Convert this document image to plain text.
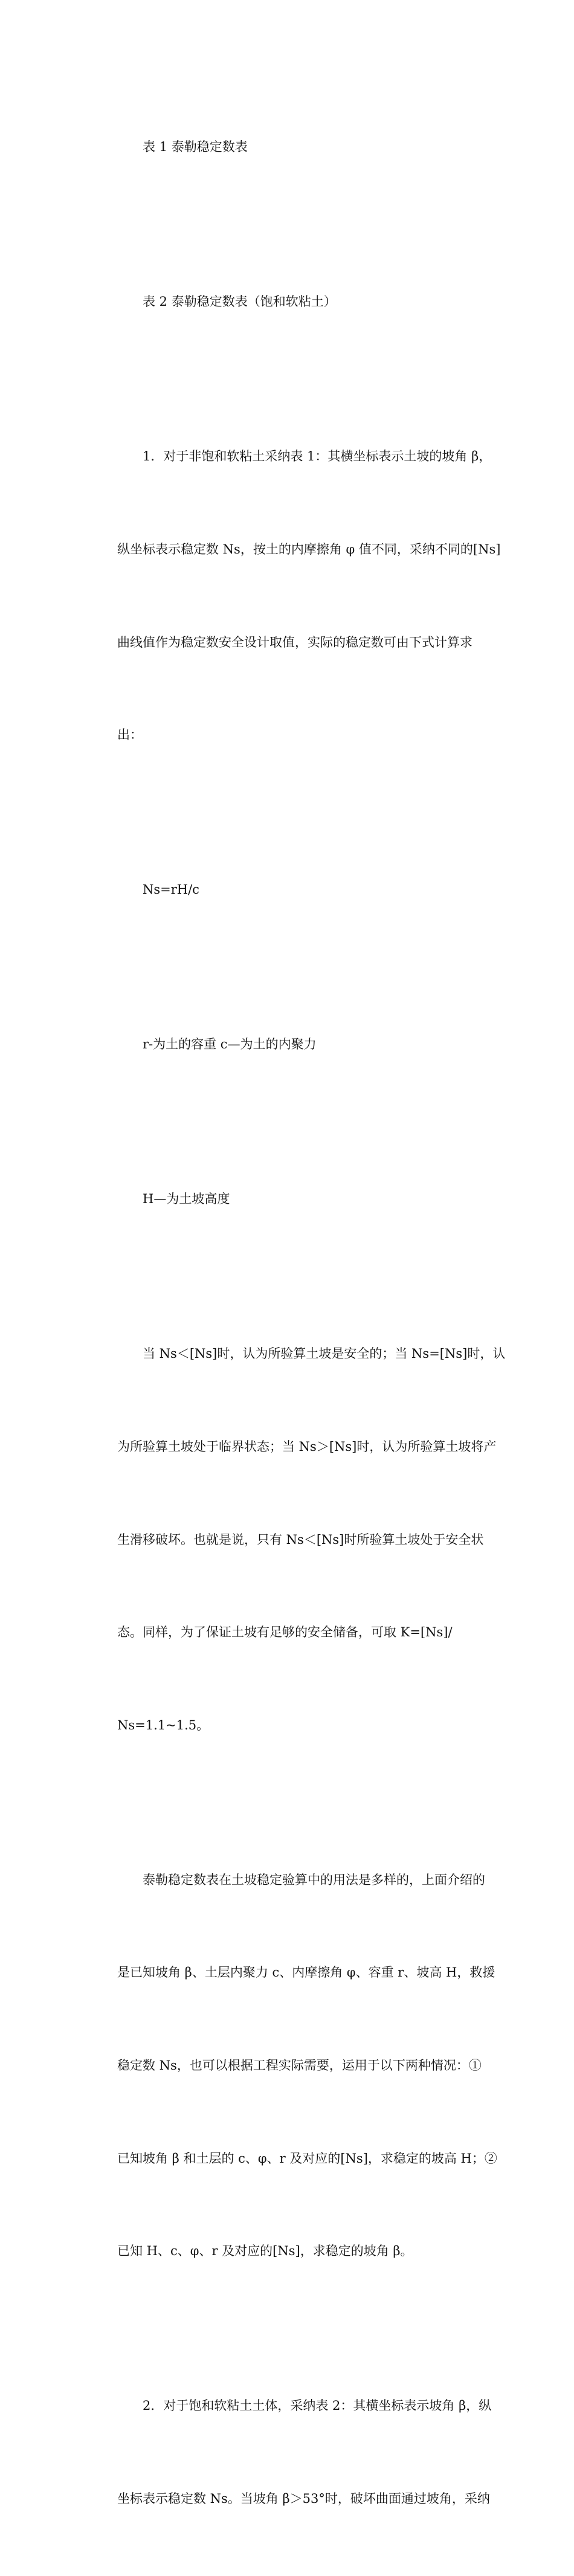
表 1 泰勒稳定数表

表 2 泰勒稳定数表（饱和软粘土）

1．对于非饱和软粘土采纳表 1：其横坐标表示土坡的坡角 β，

纵坐标表示稳定数 Ns，按土的内摩擦角 φ 值不同，采纳不同的[Ns]

曲线值作为稳定数安全设计取值，实际的稳定数可由下式计算求

出：

Ns=rH/c

r-为土的容重 c—为土的内聚力

H—为土坡高度

当 Ns＜[Ns]时，认为所验算土坡是安全的；当 Ns=[Ns]时，认

为所验算土坡处于临界状态；当 Ns＞[Ns]时，认为所验算土坡将产

生滑移破坏。也就是说，只有 Ns＜[Ns]时所验算土坡处于安全状

态。同样，为了保证土坡有足够的安全储备，可取 K=[Ns]/

Ns=1.1~1.5。

泰勒稳定数表在土坡稳定验算中的用法是多样的，上面介绍的

是已知坡角 β、土层内聚力 c、内摩擦角 φ、容重 r、坡高 H，救援

稳定数 Ns，也可以根据工程实际需要，运用于以下两种情况：①

已知坡角 β 和土层的 c、φ、r 及对应的[Ns]，求稳定的坡高 H；②

已知 H、c、φ、r 及对应的[Ns]，求稳定的坡角 β。

2．对于饱和软粘土土体，采纳表 2：其横坐标表示坡角 β，纵

坐标表示稳定数 Ns。当坡角 β＞53°时，破坏曲面通过坡角，采纳
